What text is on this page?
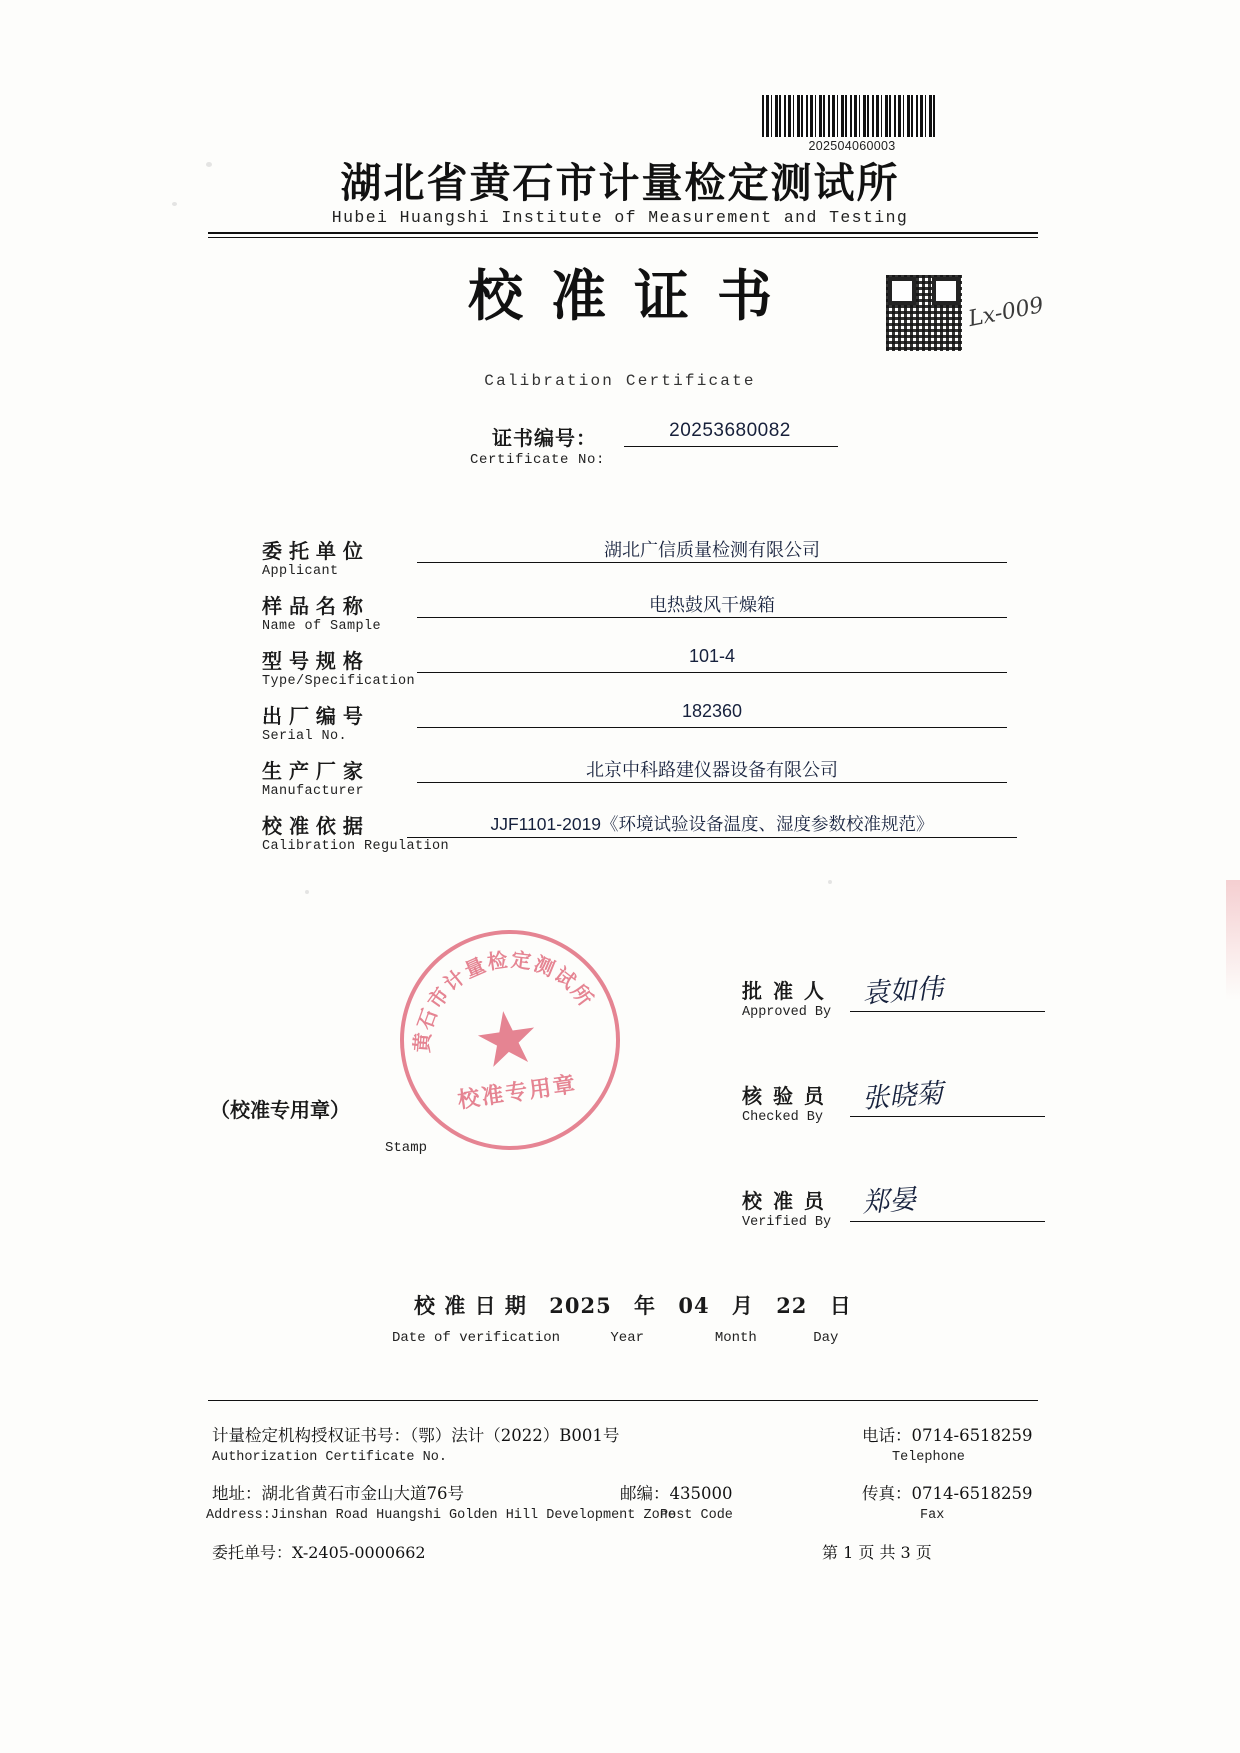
202504060003
湖北省黄石市计量检定测试所
Hubei Huangshi Institute of Measurement and Testing
校准证书
Calibration Certificate
Lx-009
证书编号：
Certificate No:
20253680082
委 托 单 位
Applicant
湖北广信质量检测有限公司
样 品 名 称
Name of Sample
电热鼓风干燥箱
型 号 规 格
Type/Specification
101-4
出 厂 编 号
Serial No.
182360
生 产 厂 家
Manufacturer
北京中科路建仪器设备有限公司
校 准 依 据
Calibration Regulation
JJF1101-2019《环境试验设备温度、湿度参数校准规范》
黄石市计量检定测试所
★
校准专用章
（校准专用章）
Stamp
批 准 人
Approved By
袁如伟
核 验 员
Checked By
张晓菊
校 准 员
Verified By
郑晏
校 准 日 期 2025 年 04 月 22 日
Date of verification	Year	Month	Day
计量检定机构授权证书号：（鄂）法计（2022）B001号
Authorization Certificate No.
地址：湖北省黄石市金山大道76号
Address:Jinshan Road Huangshi Golden Hill Development Zone
邮编：435000
Post Code
电话：0714-6518259
Telephone
传真：0714-6518259
Fax
委托单号：X-2405-0000662	第 1 页 共 3 页
